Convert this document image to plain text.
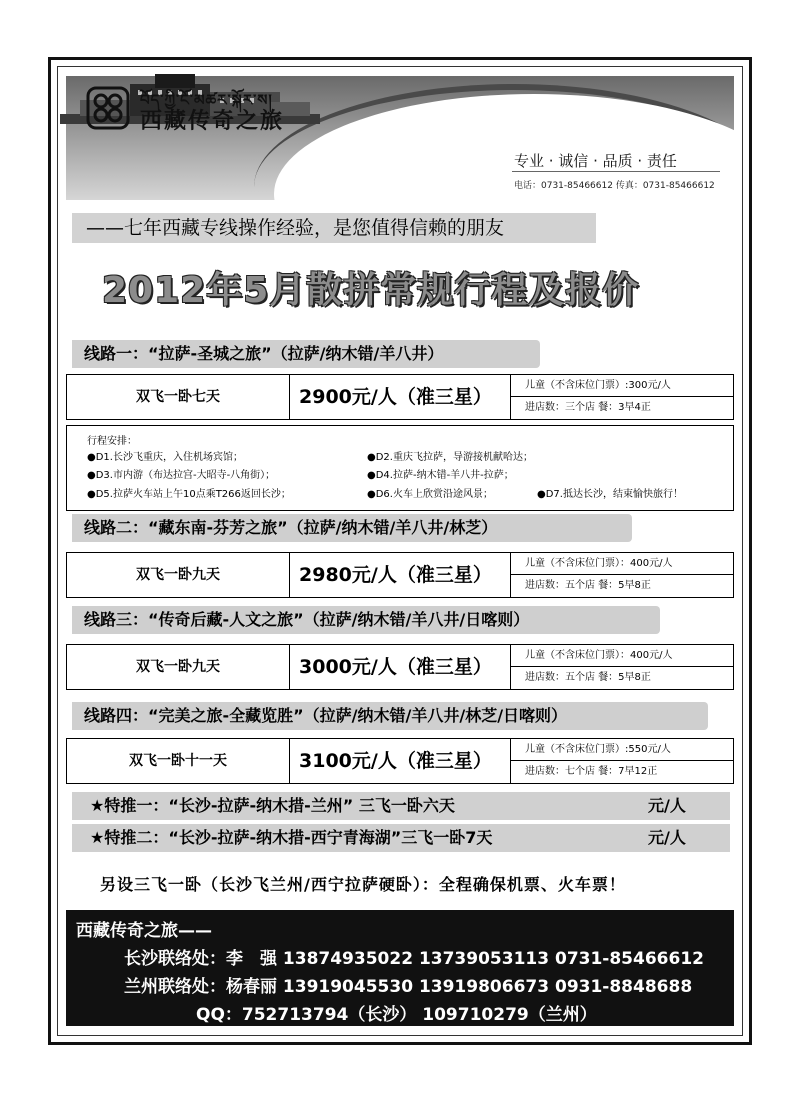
བོད་ཀྱི་ངོ་མཚར་སྐོར་ས།
西藏传奇之旅
专业 · 诚信 · 品质 · 责任
电话：0731-85466612 传真：0731-85466612
——七年西藏专线操作经验，是您值得信赖的朋友
2012年5月散拼常规行程及报价
线路一：“拉萨-圣城之旅”（拉萨/纳木错/羊八井）
双飞一卧七天	2900元/人（准三星）
儿童（不含床位门票）:300元/人
进店数：三个店 餐：3早4正
行程安排：
●D1.长沙飞重庆，入住机场宾馆；	●D2.重庆飞拉萨，导游接机献哈达；
●D3.市内游（布达拉宫-大昭寺-八角街）；	●D4.拉萨-纳木错-羊八井-拉萨；
●D5.拉萨火车站上午10点乘T266返回长沙；	●D6.火车上欣赏沿途风景；	●D7.抵达长沙，结束愉快旅行！
线路二：“藏东南-芬芳之旅”（拉萨/纳木错/羊八井/林芝）
双飞一卧九天	2980元/人（准三星）
儿童（不含床位门票）：400元/人
进店数：五个店 餐：5早8正
线路三：“传奇后藏-人文之旅”（拉萨/纳木错/羊八井/日喀则）
双飞一卧九天	3000元/人（准三星）
儿童（不含床位门票）：400元/人
进店数：五个店 餐：5早8正
线路四：“完美之旅-全藏览胜”（拉萨/纳木错/羊八井/林芝/日喀则）
双飞一卧十一天	3100元/人（准三星）
儿童（不含床位门票）:550元/人
进店数：七个店 餐：7早12正
★特推一：“长沙-拉萨-纳木措-兰州” 三飞一卧六天	元/人
★特推二：“长沙-拉萨-纳木措-西宁青海湖”三飞一卧7天	元/人
另设三飞一卧（长沙飞兰州/西宁拉萨硬卧）：全程确保机票、火车票！
西藏传奇之旅——
长沙联络处：李　强 13874935022 13739053113 0731-85466612
兰州联络处：杨春丽 13919045530 13919806673 0931-8848688
QQ：752713794（长沙） 109710279（兰州）
